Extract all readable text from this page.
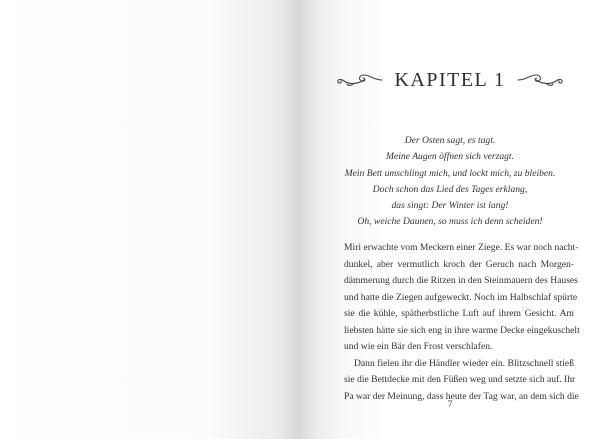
KAPITEL 1
Der Osten sagt, es tagt.
Meine Augen öffnen sich verzagt.
Mein Bett umschlingt mich, und lockt mich, zu bleiben.
Doch schon das Lied des Tages erklang,
das singt: Der Winter ist lang!
Oh, weiche Daunen, so muss ich denn scheiden!
Miri erwachte vom Meckern einer Ziege. Es war noch nacht-
dunkel, aber vermutlich kroch der Geruch nach Morgen-
dämmerung durch die Ritzen in den Steinmauern des Hauses
und hatte die Ziegen aufgeweckt. Noch im Halbschlaf spürte
sie die kühle, spätherbstliche Luft auf ihrem Gesicht. Am
liebsten hätte sie sich eng in ihre warme Decke eingekuschelt
und wie ein Bär den Frost verschlafen.
Dann fielen ihr die Händler wieder ein. Blitzschnell stieß
sie die Bettdecke mit den Füßen weg und setzte sich auf. Ihr
Pa war der Meinung, dass heute der Tag war, an dem sich die
7
